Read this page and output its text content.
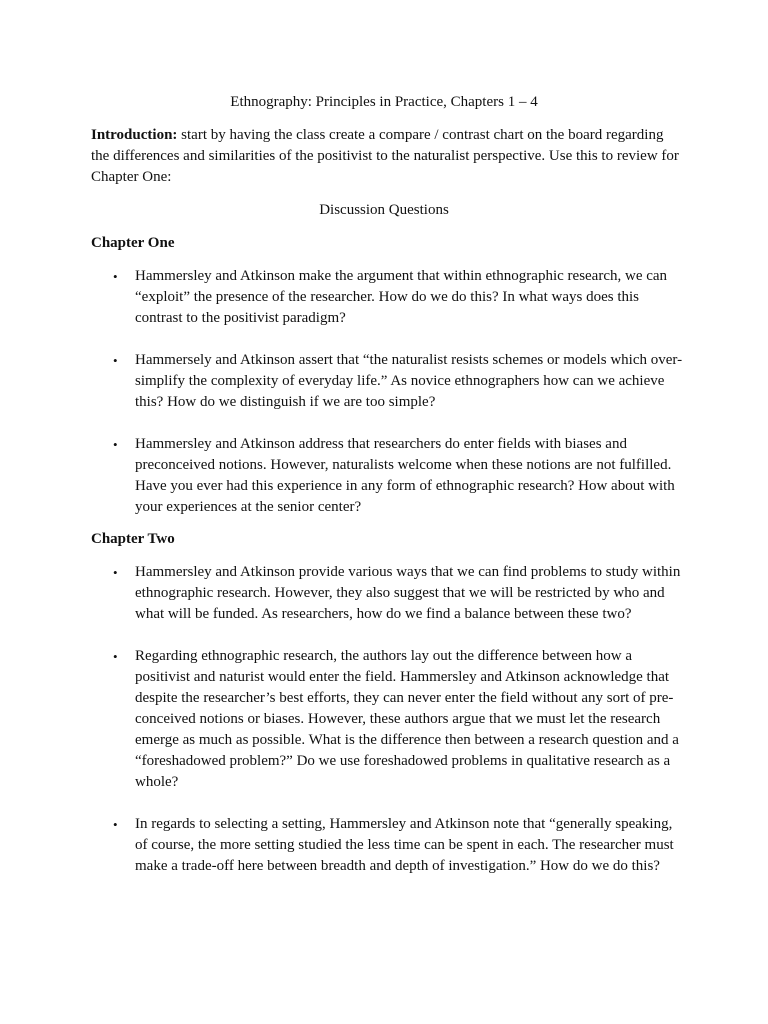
Ethnography: Principles in Practice, Chapters 1 – 4

Introduction: start by having the class create a compare / contrast chart on the board regarding the differences and similarities of the positivist to the naturalist perspective. Use this to review for Chapter One:

Discussion Questions
Chapter One
• Hammersley and Atkinson make the argument that within ethnographic research, we can “exploit” the presence of the researcher. How do we do this? In what ways does this contrast to the positivist paradigm?
• Hammersely and Atkinson assert that “the naturalist resists schemes or models which over-simplify the complexity of everyday life.” As novice ethnographers how can we achieve this? How do we distinguish if we are too simple?
• Hammersley and Atkinson address that researchers do enter fields with biases and preconceived notions. However, naturalists welcome when these notions are not fulfilled. Have you ever had this experience in any form of ethnographic research? How about with your experiences at the senior center?
Chapter Two
• Hammersley and Atkinson provide various ways that we can find problems to study within ethnographic research. However, they also suggest that we will be restricted by who and what will be funded. As researchers, how do we find a balance between these two?
• Regarding ethnographic research, the authors lay out the difference between how a positivist and naturist would enter the field. Hammersley and Atkinson acknowledge that despite the researcher’s best efforts, they can never enter the field without any sort of pre-conceived notions or biases. However, these authors argue that we must let the research emerge as much as possible. What is the difference then between a research question and a “foreshadowed problem?” Do we use foreshadowed problems in qualitative research as a whole?
• In regards to selecting a setting, Hammersley and Atkinson note that “generally speaking, of course, the more setting studied the less time can be spent in each. The researcher must make a trade-off here between breadth and depth of investigation.” How do we do this?
